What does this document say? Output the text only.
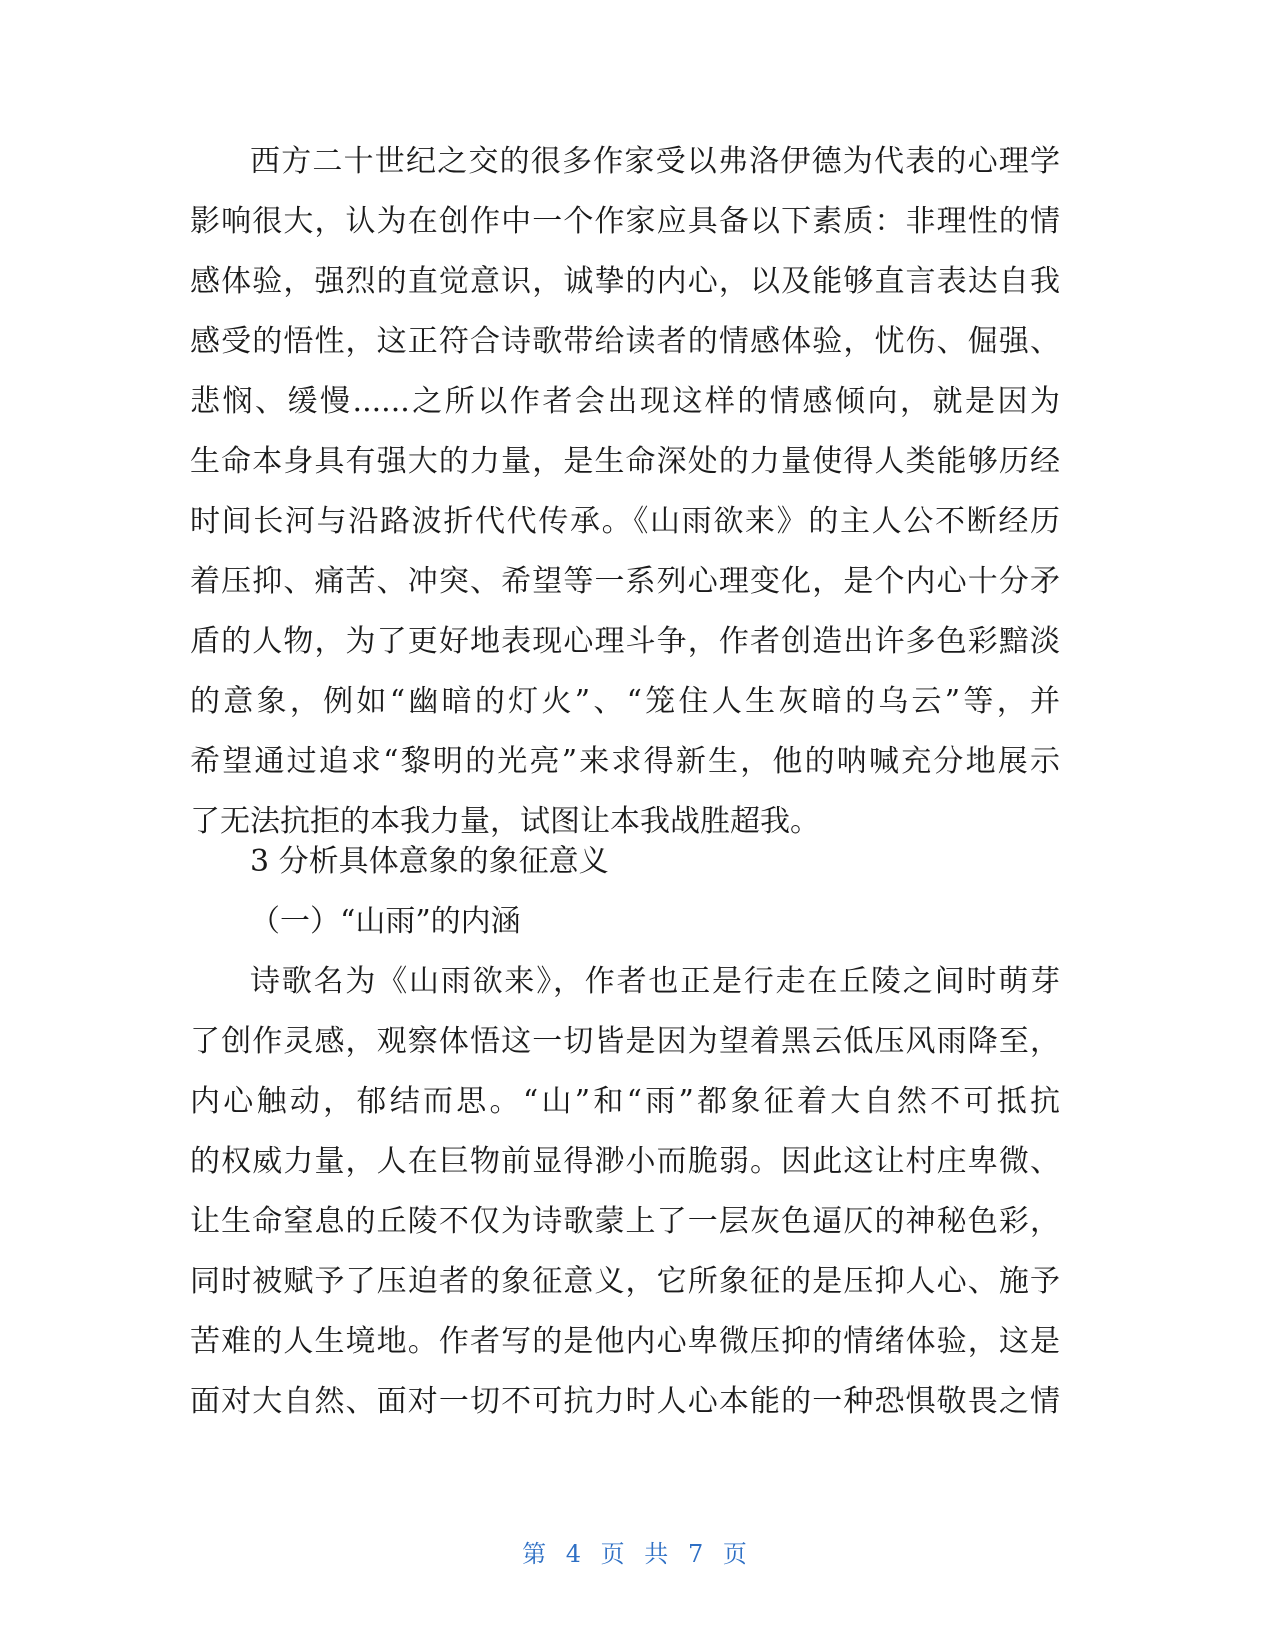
西方二十世纪之交的很多作家受以弗洛伊德为代表的心理学
影响很大，认为在创作中一个作家应具备以下素质：非理性的情
感体验，强烈的直觉意识，诚挚的内心，以及能够直言表达自我
感受的悟性，这正符合诗歌带给读者的情感体验，忧伤、倔强、
悲悯、缓慢......之所以作者会出现这样的情感倾向，就是因为
生命本身具有强大的力量，是生命深处的力量使得人类能够历经
时间长河与沿路波折代代传承。《山雨欲来》的主人公不断经历
着压抑、痛苦、冲突、希望等一系列心理变化，是个内心十分矛
盾的人物，为了更好地表现心理斗争，作者创造出许多色彩黯淡
的意象，例如“幽暗的灯火”、“笼住人生灰暗的乌云”等，并
希望通过追求“黎明的光亮”来求得新生，他的呐喊充分地展示
了无法抗拒的本我力量，试图让本我战胜超我。
3 分析具体意象的象征意义
（一）“山雨”的内涵
诗歌名为《山雨欲来》，作者也正是行走在丘陵之间时萌芽
了创作灵感，观察体悟这一切皆是因为望着黑云低压风雨降至，
内心触动，郁结而思。“山”和“雨”都象征着大自然不可抵抗
的权威力量，人在巨物前显得渺小而脆弱。因此这让村庄卑微、
让生命窒息的丘陵不仅为诗歌蒙上了一层灰色逼仄的神秘色彩，
同时被赋予了压迫者的象征意义，它所象征的是压抑人心、施予
苦难的人生境地。作者写的是他内心卑微压抑的情绪体验，这是
面对大自然、面对一切不可抗力时人心本能的一种恐惧敬畏之情
第 4 页 共 7 页
